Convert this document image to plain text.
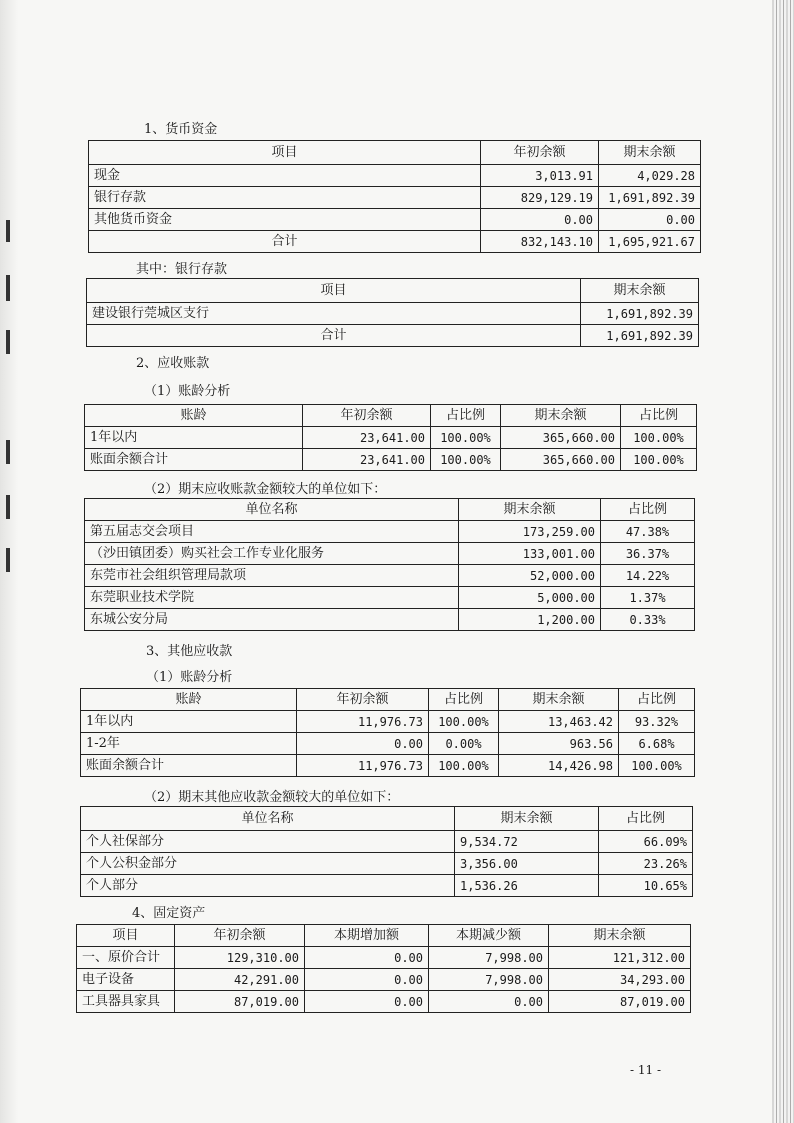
1、货币资金
项目	年初余额	期末余额
现金	3,013.91	4,029.28
银行存款	829,129.19	1,691,892.39
其他货币资金	0.00	0.00
合计	832,143.10	1,695,921.67
其中：银行存款
项目	期末余额
建设银行莞城区支行	1,691,892.39
合计	1,691,892.39
2、应收账款
（1）账龄分析
账龄	年初余额	占比例	期末余额	占比例
1年以内	23,641.00	100.00%	365,660.00	100.00%
账面余额合计	23,641.00	100.00%	365,660.00	100.00%
（2）期末应收账款金额较大的单位如下：
单位名称	期末余额	占比例
第五届志交会项目	173,259.00	47.38%
（沙田镇团委）购买社会工作专业化服务	133,001.00	36.37%
东莞市社会组织管理局款项	52,000.00	14.22%
东莞职业技术学院	5,000.00	1.37%
东城公安分局	1,200.00	0.33%
3、其他应收款
（1）账龄分析
账龄	年初余额	占比例	期末余额	占比例
1年以内	11,976.73	100.00%	13,463.42	93.32%
1-2年	0.00	0.00%	963.56	6.68%
账面余额合计	11,976.73	100.00%	14,426.98	100.00%
（2）期末其他应收款金额较大的单位如下：
单位名称	期末余额	占比例
个人社保部分	9,534.72	66.09%
个人公积金部分	3,356.00	23.26%
个人部分	1,536.26	10.65%
4、固定资产
项目	年初余额	本期增加额	本期减少额	期末余额
一、原价合计	129,310.00	0.00	7,998.00	121,312.00
电子设备	42,291.00	0.00	7,998.00	34,293.00
工具器具家具	87,019.00	0.00	0.00	87,019.00
- 11 -
